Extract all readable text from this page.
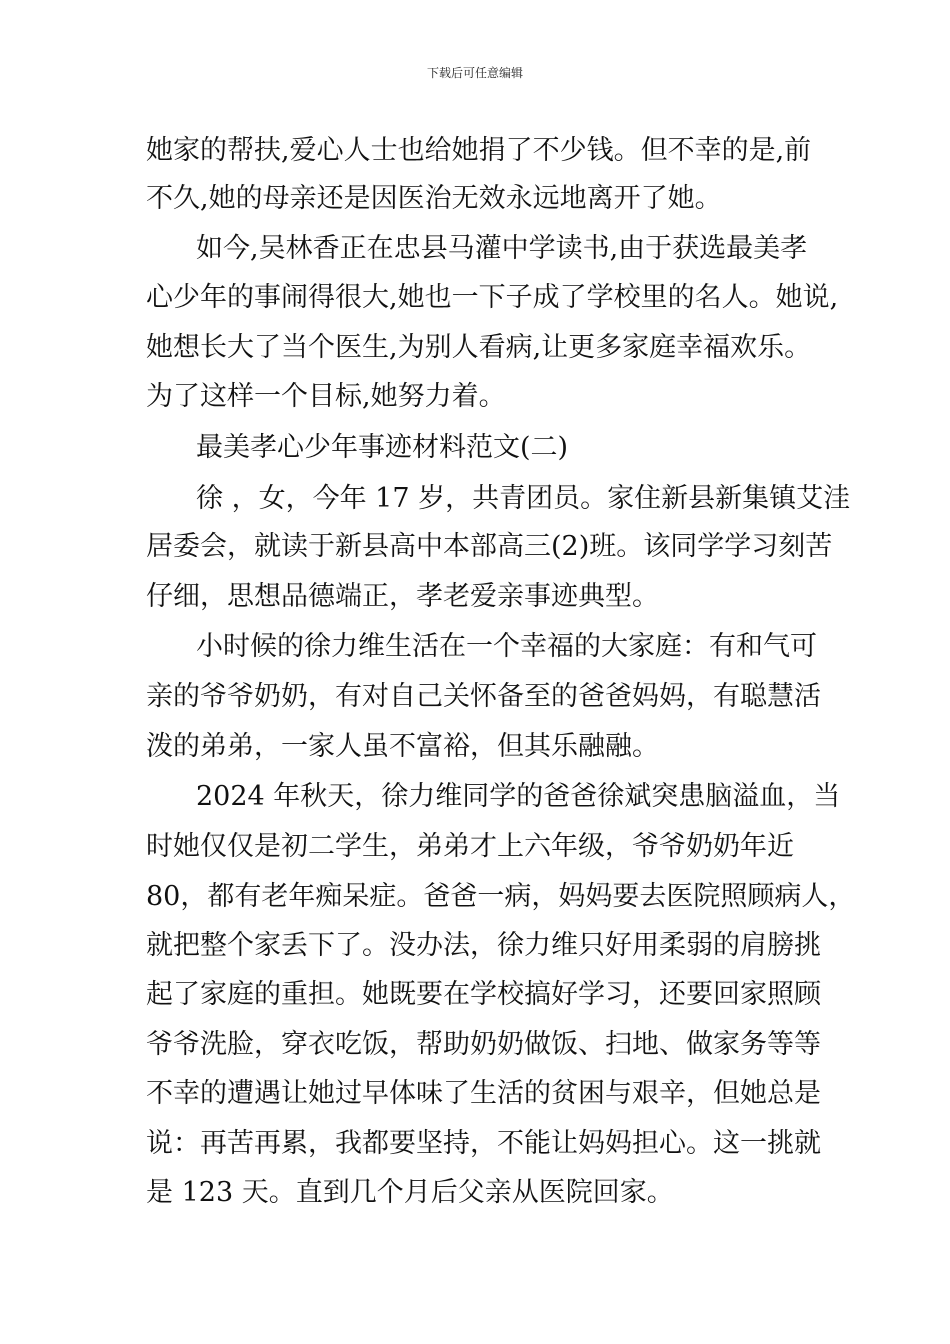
下载后可任意编辑
她家的帮扶,爱心人士也给她捐了不少钱。但不幸的是,前
不久,她的母亲还是因医治无效永远地离开了她。
如今,吴林香正在忠县马灌中学读书,由于获选最美孝
心少年的事闹得很大,她也一下子成了学校里的名人。她说,
她想长大了当个医生,为别人看病,让更多家庭幸福欢乐。
为了这样一个目标,她努力着。
最美孝心少年事迹材料范文(二)
徐 ，女，今年 17 岁，共青团员。家住新县新集镇艾洼
居委会，就读于新县高中本部高三(2)班。该同学学习刻苦
仔细，思想品德端正，孝老爱亲事迹典型。
小时候的徐力维生活在一个幸福的大家庭：有和气可
亲的爷爷奶奶，有对自己关怀备至的爸爸妈妈，有聪慧活
泼的弟弟，一家人虽不富裕，但其乐融融。
2024 年秋天，徐力维同学的爸爸徐斌突患脑溢血，当
时她仅仅是初二学生，弟弟才上六年级，爷爷奶奶年近
80，都有老年痴呆症。爸爸一病，妈妈要去医院照顾病人，
就把整个家丢下了。没办法，徐力维只好用柔弱的肩膀挑
起了家庭的重担。她既要在学校搞好学习，还要回家照顾
爷爷洗脸，穿衣吃饭，帮助奶奶做饭、扫地、做家务等等
不幸的遭遇让她过早体味了生活的贫困与艰辛，但她总是
说：再苦再累，我都要坚持，不能让妈妈担心。这一挑就
是 123 天。直到几个月后父亲从医院回家。
